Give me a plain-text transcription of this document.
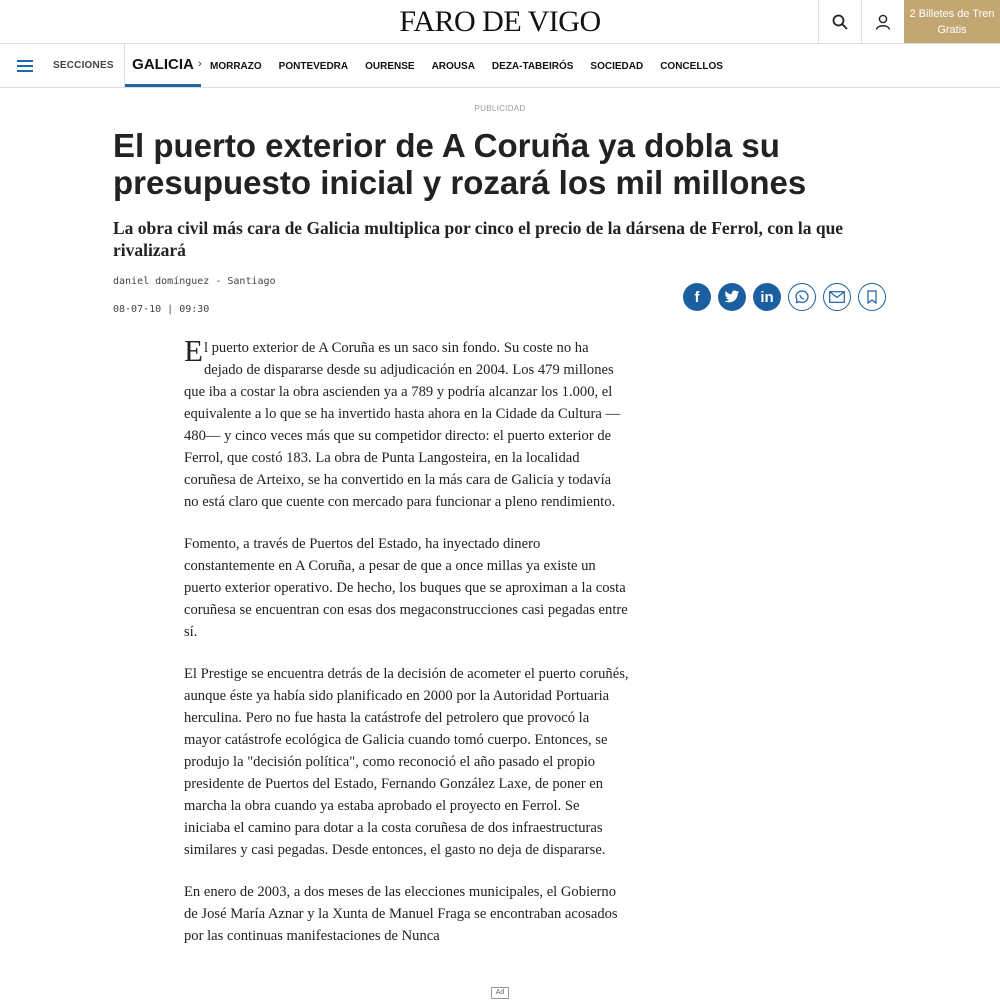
FARO DE VIGO	2 Billetes de Tren Gratis
SECCIONES	GALICIA › MORRAZO PONTEVEDRA OURENSE AROUSA DEZA-TABEIRÓS SOCIEDAD CONCELLOS
PUBLICIDAD
El puerto exterior de A Coruña ya dobla su presupuesto inicial y rozará los mil millones

La obra civil más cara de Galicia multiplica por cinco el precio de la dársena de Ferrol, con la que rivalizará

daniel domínguez - Santiago
08·07·10 | 09:30
f	in

El puerto exterior de A Coruña es un saco sin fondo. Su coste no ha dejado de dispararse desde su adjudicación en 2004. Los 479 millones que iba a costar la obra ascienden ya a 789 y podría alcanzar los 1.000, el equivalente a lo que se ha invertido hasta ahora en la Cidade da Cultura —480— y cinco veces más que su competidor directo: el puerto exterior de Ferrol, que costó 183. La obra de Punta Langosteira, en la localidad coruñesa de Arteixo, se ha convertido en la más cara de Galicia y todavía no está claro que cuente con mercado para funcionar a pleno rendimiento.

Fomento, a través de Puertos del Estado, ha inyectado dinero constantemente en A Coruña, a pesar de que a once millas ya existe un puerto exterior operativo. De hecho, los buques que se aproximan a la costa coruñesa se encuentran con esas dos megaconstrucciones casi pegadas entre sí.

El Prestige se encuentra detrás de la decisión de acometer el puerto coruñés, aunque éste ya había sido planificado en 2000 por la Autoridad Portuaria herculina. Pero no fue hasta la catástrofe del petrolero que provocó la mayor catástrofe ecológica de Galicia cuando tomó cuerpo. Entonces, se produjo la "decisión política", como reconoció el año pasado el propio presidente de Puertos del Estado, Fernando González Laxe, de poner en marcha la obra cuando ya estaba aprobado el proyecto en Ferrol. Se iniciaba el camino para dotar a la costa coruñesa de dos infraestructuras similares y casi pegadas. Desde entonces, el gasto no deja de dispararse.

En enero de 2003, a dos meses de las elecciones municipales, el Gobierno de José María Aznar y la Xunta de Manuel Fraga se encontraban acosados por las continuas manifestaciones de Nunca

Ad
